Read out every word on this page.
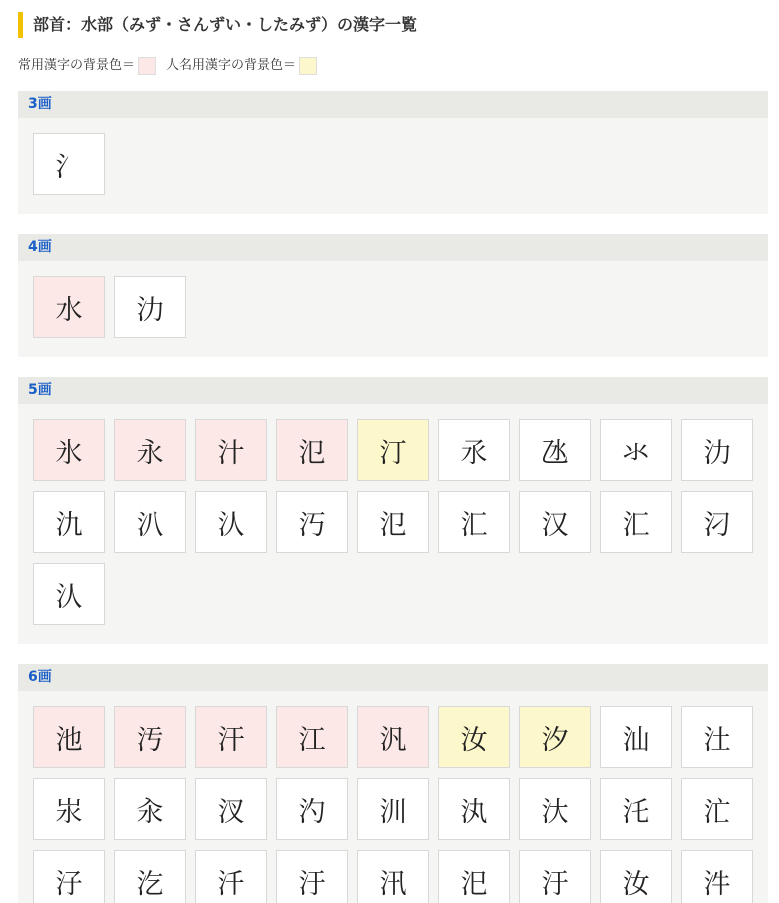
部首：水部（みず・さんずい・したみず）の漢字一覧
常用漢字の背景色＝ 人名用漢字の背景色＝
3画
氵
4画
水	氻
5画
氷	永	汁	氾	汀	氶	氹	氺	氻
氿	汃	汄	汅	氾	汇	汉	汇	汈
汄
6画
池	汚	汗	江	汎	汝	汐	汕	汢
汖	汆	汊	汋	汌	汍	汏	汑	汒
汓	汔	汘	汙	汛	汜	汙	汝	汼
